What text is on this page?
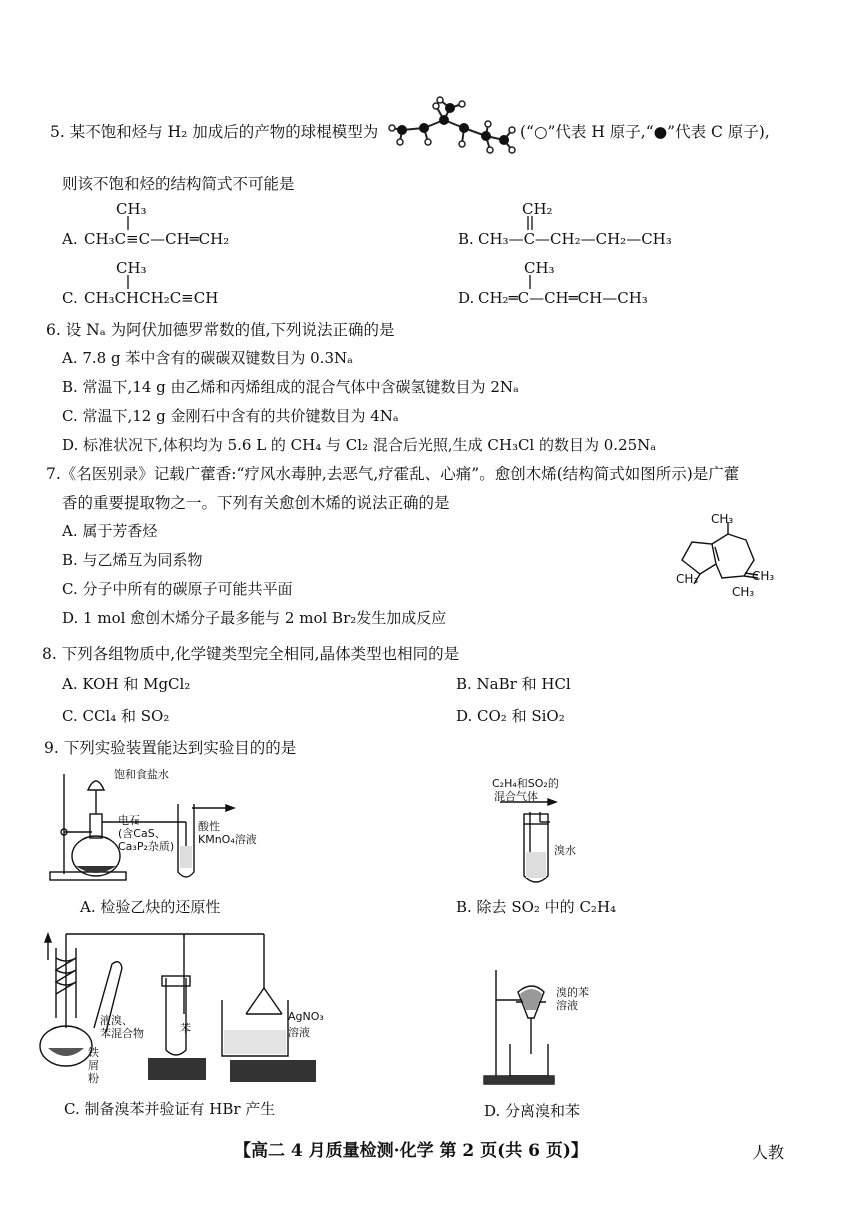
5. 某不饱和烃与 H₂ 加成后的产物的球棍模型为	(“○”代表 H 原子,“●”代表 C 原子),
则该不饱和烃的结构简式不可能是
CH₃
A. CH₃C≡C—CH═CH₂
CH₂
B. CH₃—C—CH₂—CH₂—CH₃
CH₃
C. CH₃CHCH₂C≡CH
CH₃
D. CH₂═C—CH═CH—CH₃
6. 设 Nₐ 为阿伏加德罗常数的值,下列说法正确的是
A. 7.8 g 苯中含有的碳碳双键数目为 0.3Nₐ
B. 常温下,14 g 由乙烯和丙烯组成的混合气体中含碳氢键数目为 2Nₐ
C. 常温下,12 g 金刚石中含有的共价键数目为 4Nₐ
D. 标准状况下,体积均为 5.6 L 的 CH₄ 与 Cl₂ 混合后光照,生成 CH₃Cl 的数目为 0.25Nₐ
7.《名医别录》记载广藿香:“疗风水毒肿,去恶气,疗霍乱、心痛”。愈创木烯(结构简式如图所示)是广藿
香的重要提取物之一。下列有关愈创木烯的说法正确的是
A. 属于芳香烃
B. 与乙烯互为同系物
C. 分子中所有的碳原子可能共平面
D. 1 mol 愈创木烯分子最多能与 2 mol Br₂发生加成反应
CH₃
CH₃	CH₃
CH₃
8. 下列各组物质中,化学键类型完全相同,晶体类型也相同的是
A. KOH 和 MgCl₂	B. NaBr 和 HCl
C. CCl₄ 和 SO₂	D. CO₂ 和 SiO₂
9. 下列实验装置能达到实验目的的是
饱和食盐水
电石
(含CaS、
Ca₃P₂杂质)
酸性
KMnO₄溶液
A. 检验乙炔的还原性
C₂H₄和SO₂的
混合气体
溴水
B. 除去 SO₂ 中的 C₂H₄
液溴、
苯混合物
铁
屑
粉
苯
AgNO₃
溶液
C. 制备溴苯并验证有 HBr 产生
溴的苯
溶液
D. 分离溴和苯
【高二 4 月质量检测·化学 第 2 页(共 6 页)】	人教
